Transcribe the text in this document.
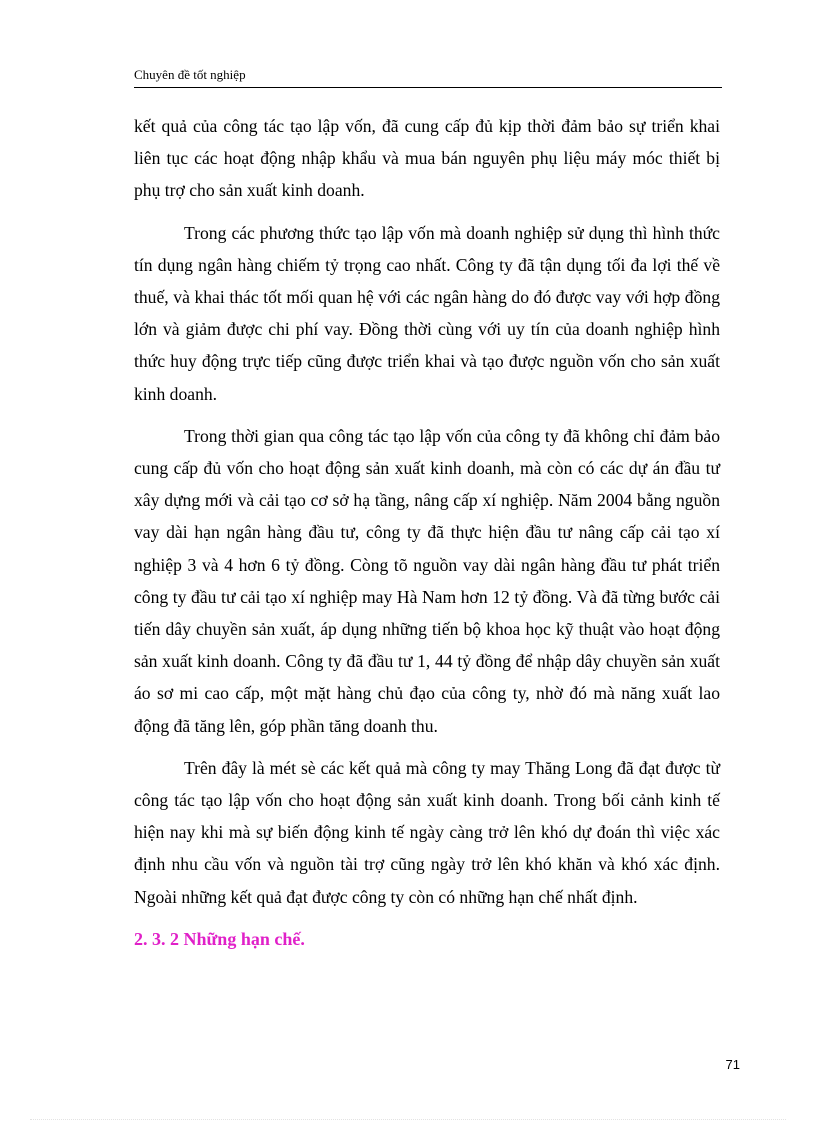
Chuyên đề tốt nghiệp

kết quả của công tác tạo lập vốn, đã cung cấp đủ kịp thời đảm bảo sự triển khai liên tục các hoạt động nhập khẩu và mua bán nguyên phụ liệu máy móc thiết bị phụ trợ cho sản xuất kinh doanh.

Trong các phương thức tạo lập vốn mà doanh nghiệp sử dụng thì hình thức tín dụng ngân hàng chiếm tỷ trọng cao nhất. Công ty đã tận dụng tối đa lợi thế về thuế, và khai thác tốt mối quan hệ với các ngân hàng do đó được vay với hợp đồng lớn và giảm được chi phí vay. Đồng thời cùng với uy tín của doanh nghiệp hình thức huy động trực tiếp cũng được triển khai và tạo được nguồn vốn cho sản xuất kinh doanh.

Trong thời gian qua công tác tạo lập vốn của công ty đã không chỉ đảm bảo cung cấp đủ vốn cho hoạt động sản xuất kinh doanh, mà còn có các dự án đầu tư xây dựng mới và cải tạo cơ sở hạ tầng, nâng cấp xí nghiệp. Năm 2004 bằng nguồn vay dài hạn ngân hàng đầu tư, công ty đã thực hiện đầu tư nâng cấp cải tạo xí nghiệp 3 và 4 hơn 6 tỷ đồng. Còng tõ nguồn vay dài ngân hàng đầu tư phát triển công ty đầu tư cải tạo xí nghiệp may Hà Nam hơn 12 tỷ đồng. Và đã từng bước cải tiến dây chuyền sản xuất, áp dụng những tiến bộ khoa học kỹ thuật vào hoạt động sản xuất kinh doanh. Công ty đã đầu tư 1, 44 tỷ đồng để nhập dây chuyền sản xuất áo sơ mi cao cấp, một mặt hàng chủ đạo của công ty, nhờ đó mà năng xuất lao động đã tăng lên, góp phần tăng doanh thu.

Trên đây là mét sè các kết quả mà công ty may Thăng Long đã đạt được từ công tác tạo lập vốn cho hoạt động sản xuất kinh doanh. Trong bối cảnh kinh tế hiện nay khi mà sự biến động kinh tế ngày càng trở lên khó dự đoán thì việc xác định nhu cầu vốn và nguồn tài trợ cũng ngày trở lên khó khăn và khó xác định. Ngoài những kết quả đạt được công ty còn có những hạn chế nhất định.

2. 3. 2 Những hạn chế.

71
